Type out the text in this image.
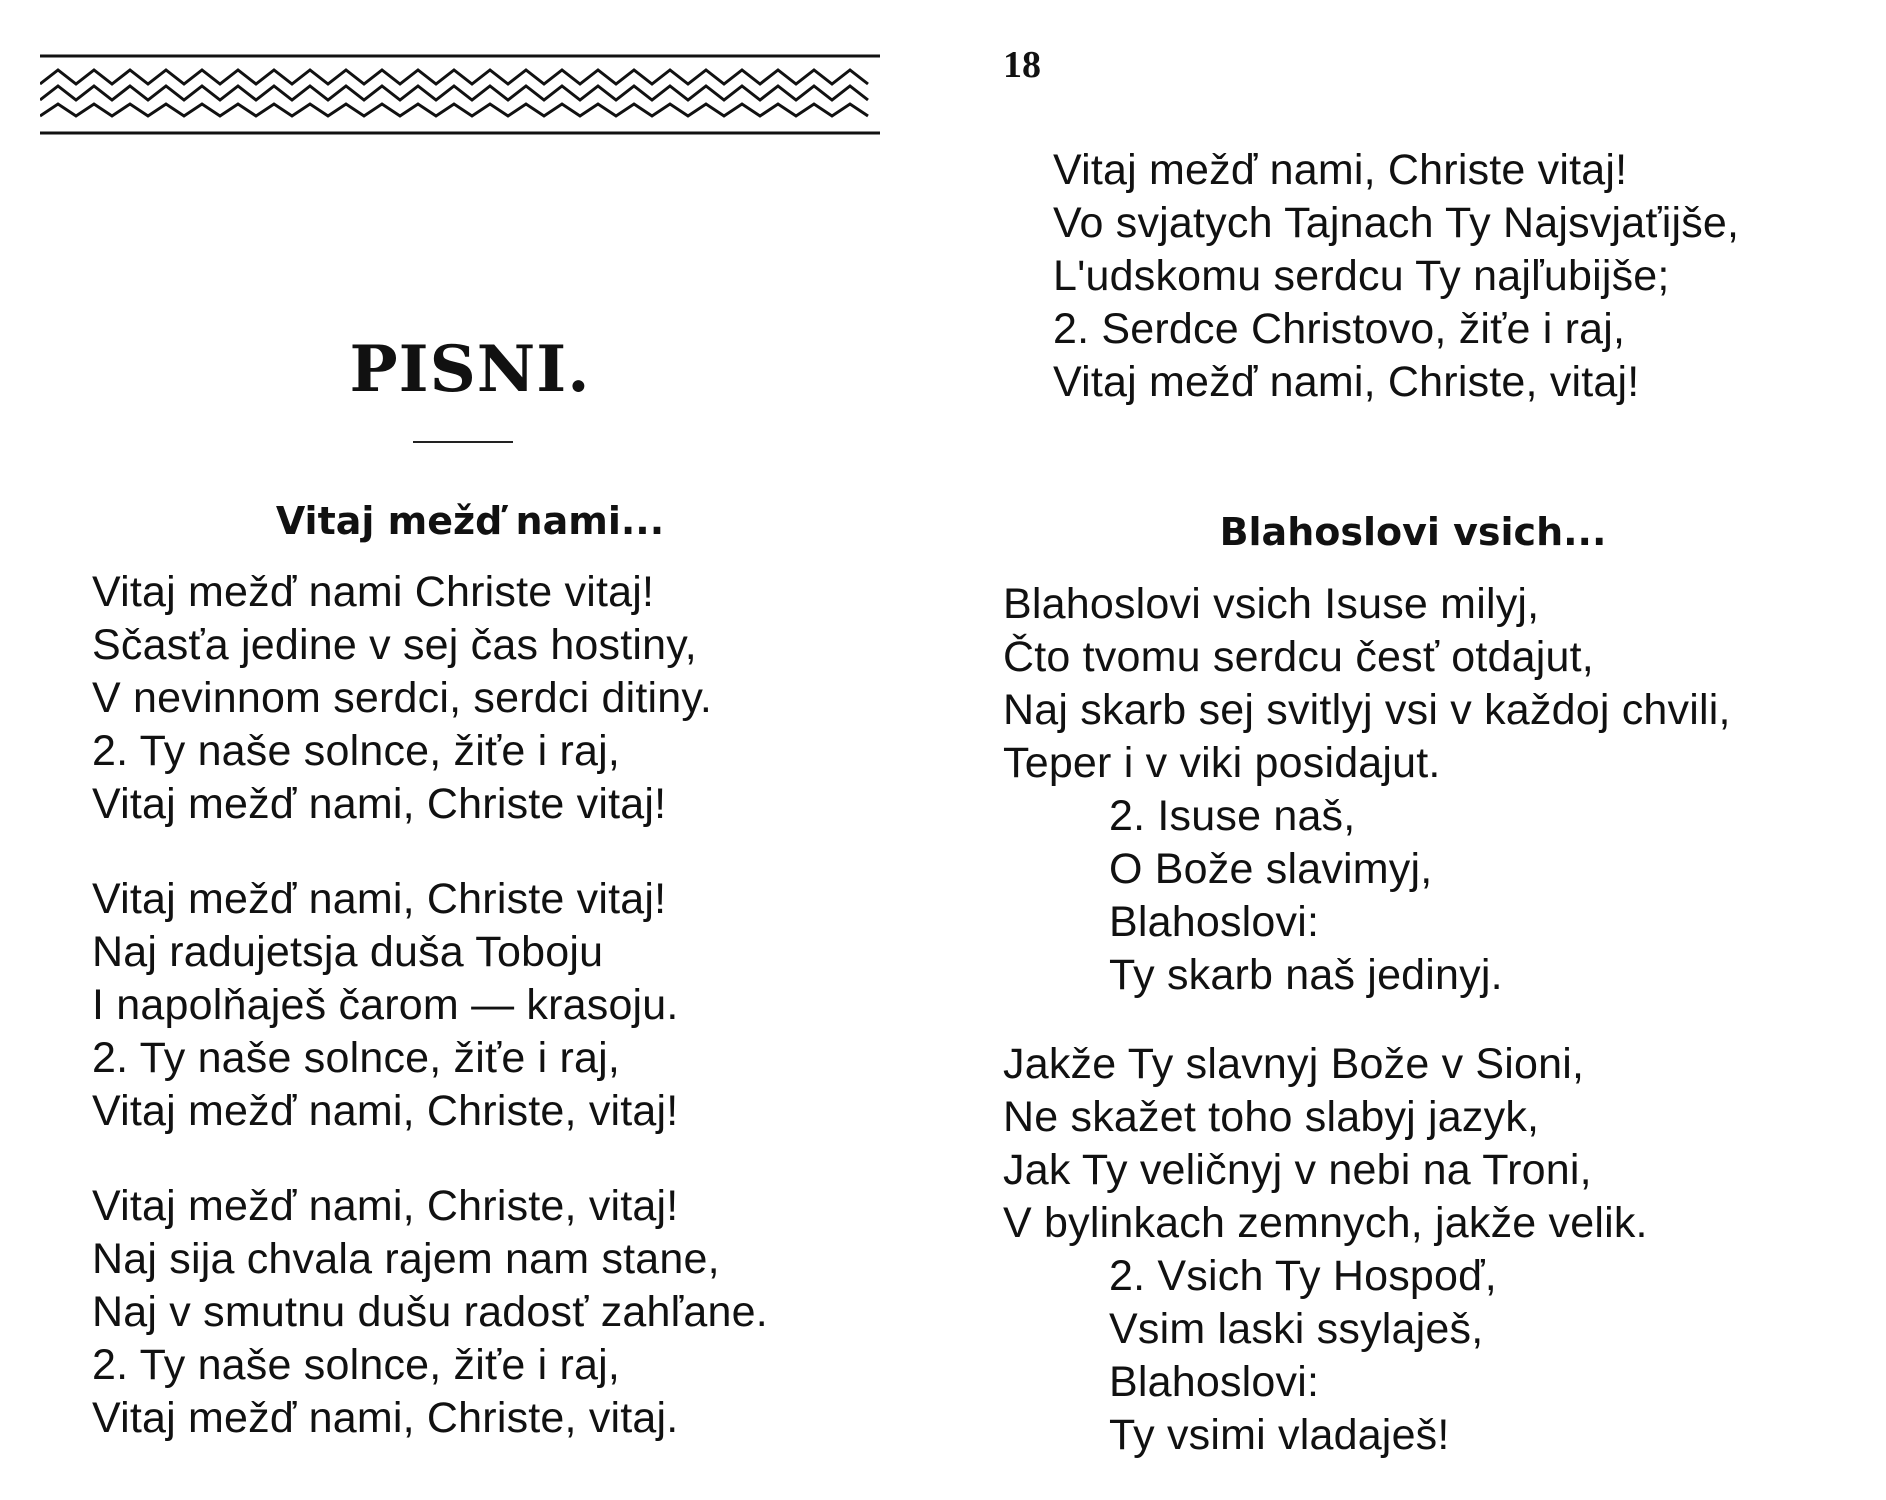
PISNI.
Vitaj mežď nami...
Vitaj mežď nami Christe vitaj!
Sčasťa jedine v sej čas hostiny,
V nevinnom serdci, serdci ditiny.
2. Ty naše solnce, žiťe i raj,
Vitaj mežď nami, Christe vitaj!
Vitaj mežď nami, Christe vitaj!
Naj radujetsja duša Toboju
I napolňaješ čarom — krasoju.
2. Ty naše solnce, žiťe i raj,
Vitaj mežď nami, Christe, vitaj!
Vitaj mežď nami, Christe, vitaj!
Naj sija chvala rajem nam stane,
Naj v smutnu dušu radosť zahľane.
2. Ty naše solnce, žiťe i raj,
Vitaj mežď nami, Christe, vitaj.
18
Vitaj mežď nami, Christe vitaj!
Vo svjatych Tajnach Ty Najsvjaťijše,
L'udskomu serdcu Ty najľubijše;
2. Serdce Christovo, žiťe i raj,
Vitaj mežď nami, Christe, vitaj!
Blahoslovi vsich...
Blahoslovi vsich Isuse milyj,
Čto tvomu serdcu česť otdajut,
Naj skarb sej svitlyj vsi v každoj chvili,
Teper i v viki posidajut.
2. Isuse naš,
O Bože slavimyj,
Blahoslovi:
Ty skarb naš jedinyj.
Jakže Ty slavnyj Bože v Sioni,
Ne skažet toho slabyj jazyk,
Jak Ty veličnyj v nebi na Troni,
V bylinkach zemnych, jakže velik.
2. Vsich Ty Hospoď,
Vsim laski ssylaješ,
Blahoslovi:
Ty vsimi vladaješ!
